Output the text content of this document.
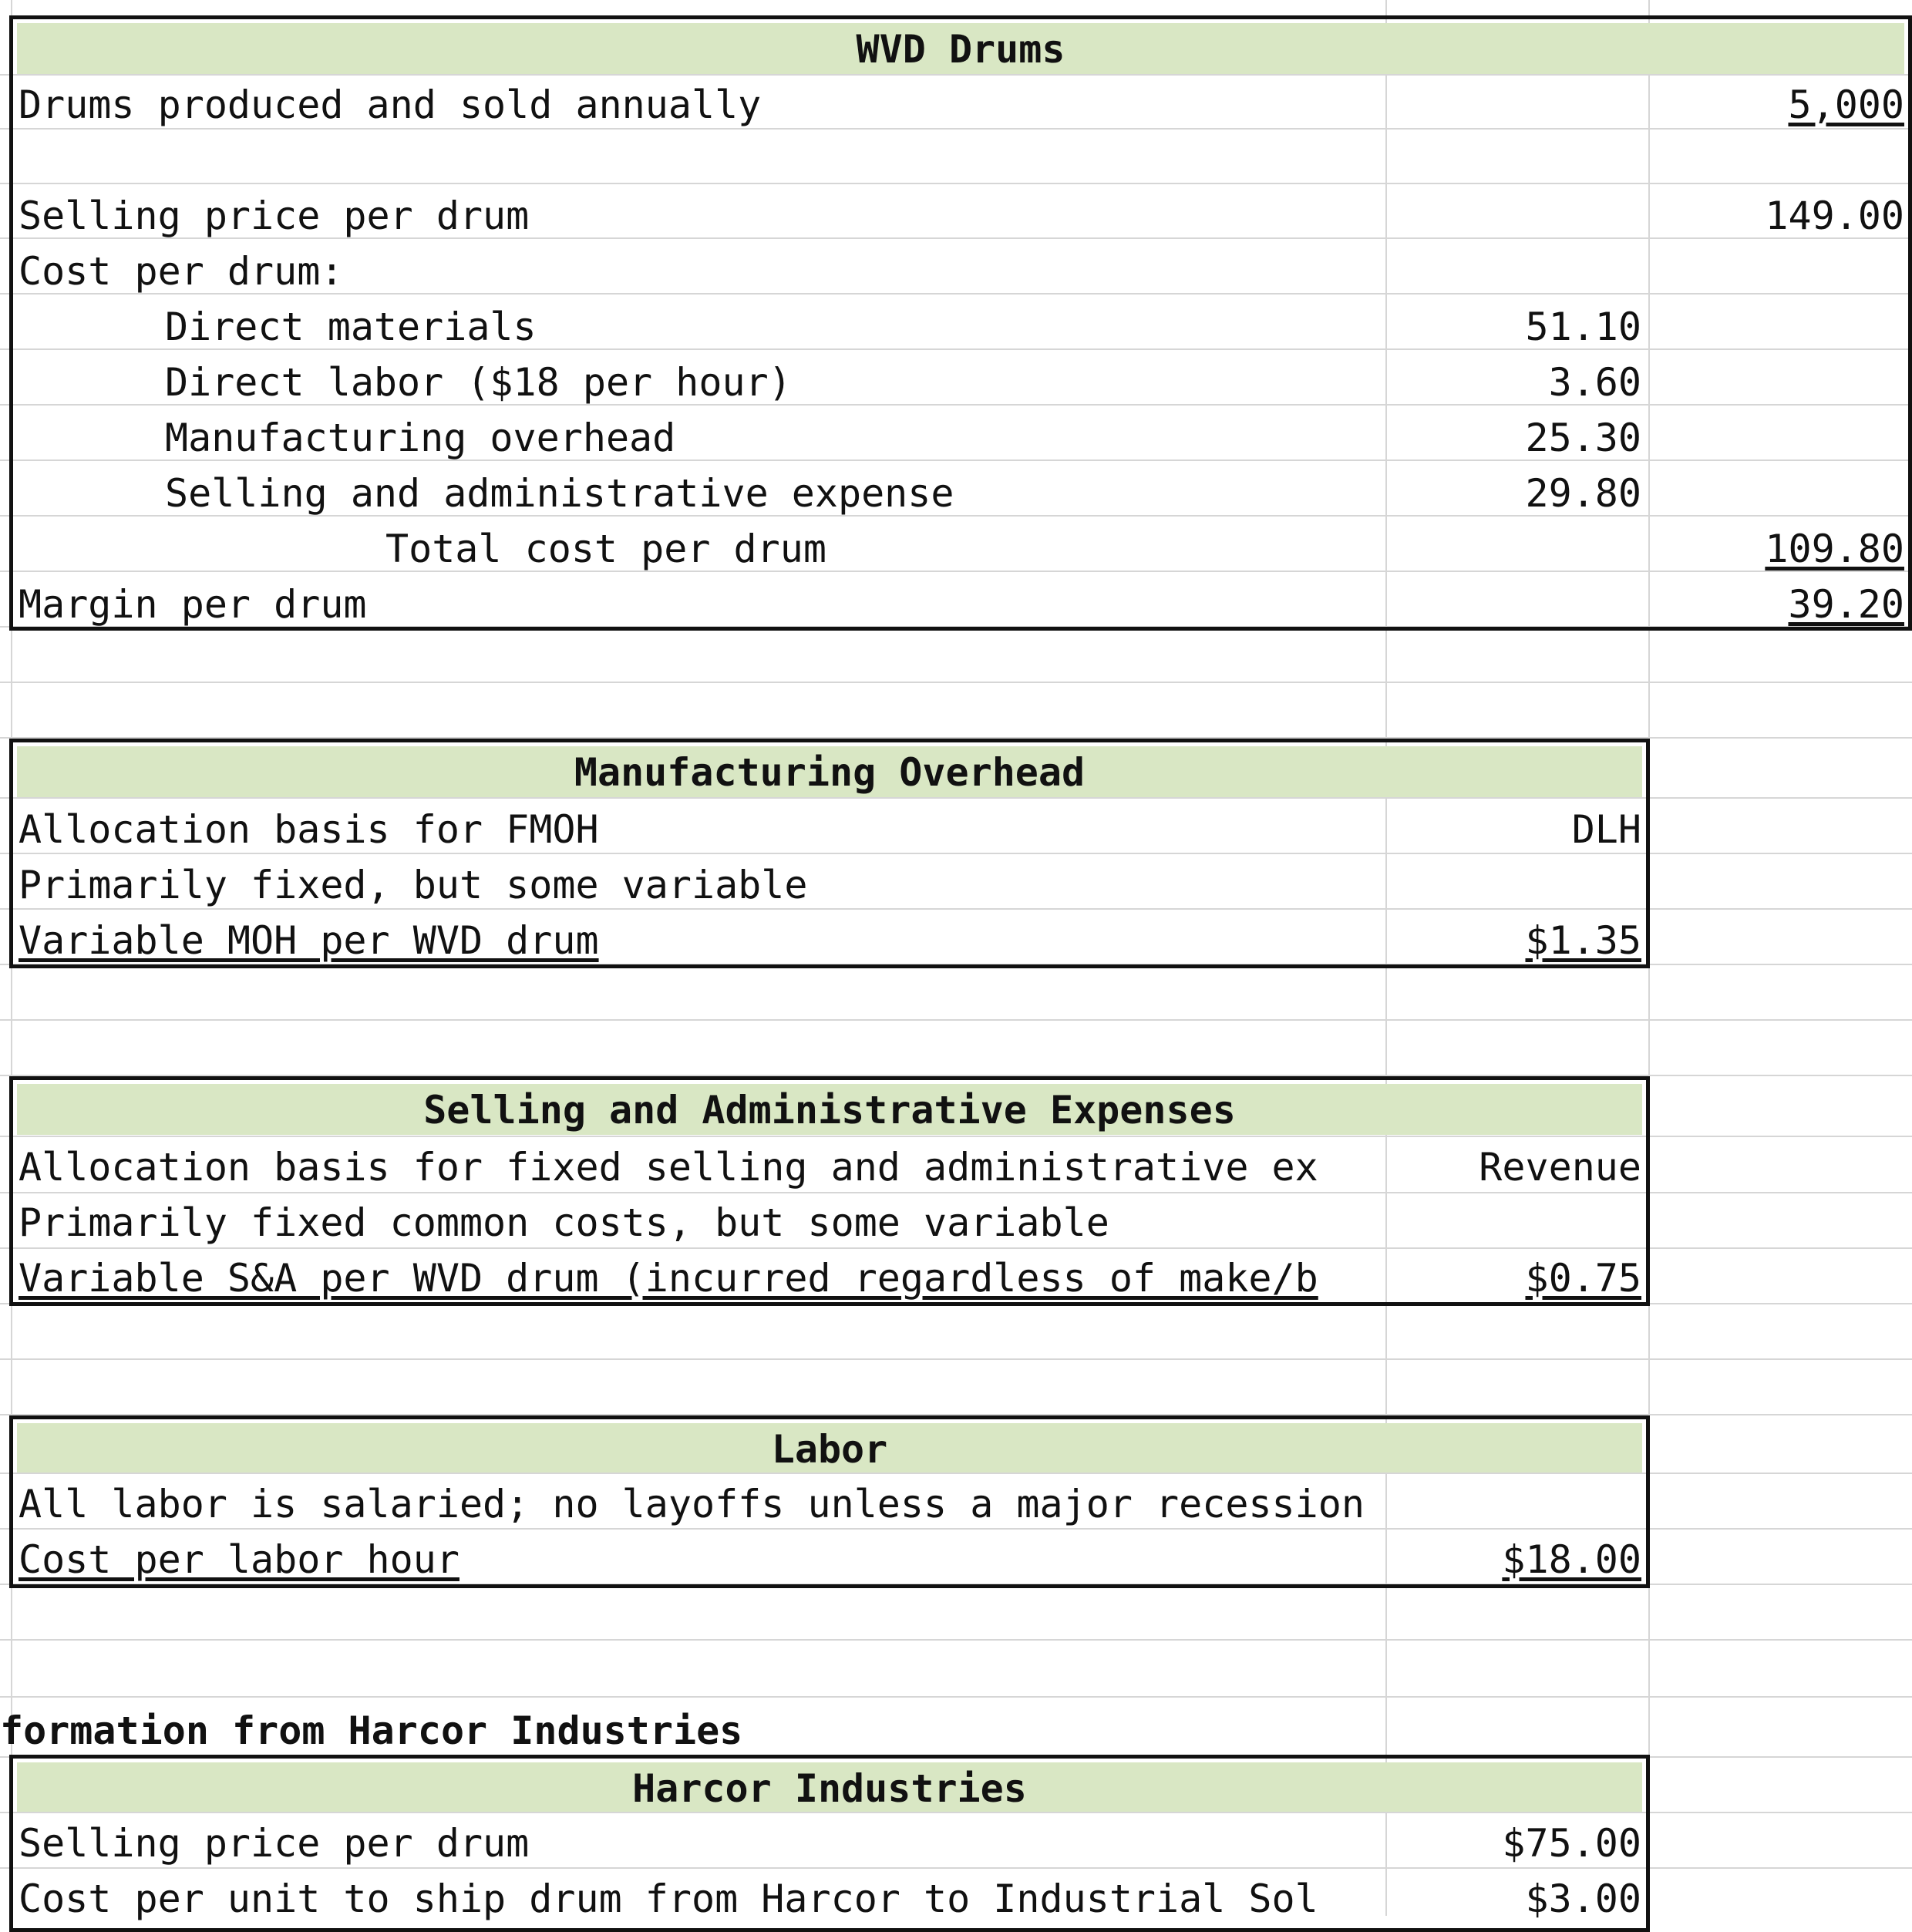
WVD Drums
Drums produced and sold annually	5,000
Selling price per drum	149.00
Cost per drum:
Direct materials	51.10
Direct labor ($18 per hour)	3.60
Manufacturing overhead	25.30
Selling and administrative expense	29.80
Total cost per drum	109.80
Margin per drum	39.20
Manufacturing Overhead
Allocation basis for FMOH	DLH
Primarily fixed, but some variable
Variable MOH per WVD drum	$1.35
Selling and Administrative Expenses
Allocation basis for fixed selling and administrative ex	Revenue
Primarily fixed common costs, but some variable
Variable S&A per WVD drum (incurred regardless of make/b	$0.75
Labor
All labor is salaried; no layoffs unless a major recession
Cost per labor hour	$18.00
formation from Harcor Industries
Harcor Industries
Selling price per drum	$75.00
Cost per unit to ship drum from Harcor to Industrial Sol	$3.00
